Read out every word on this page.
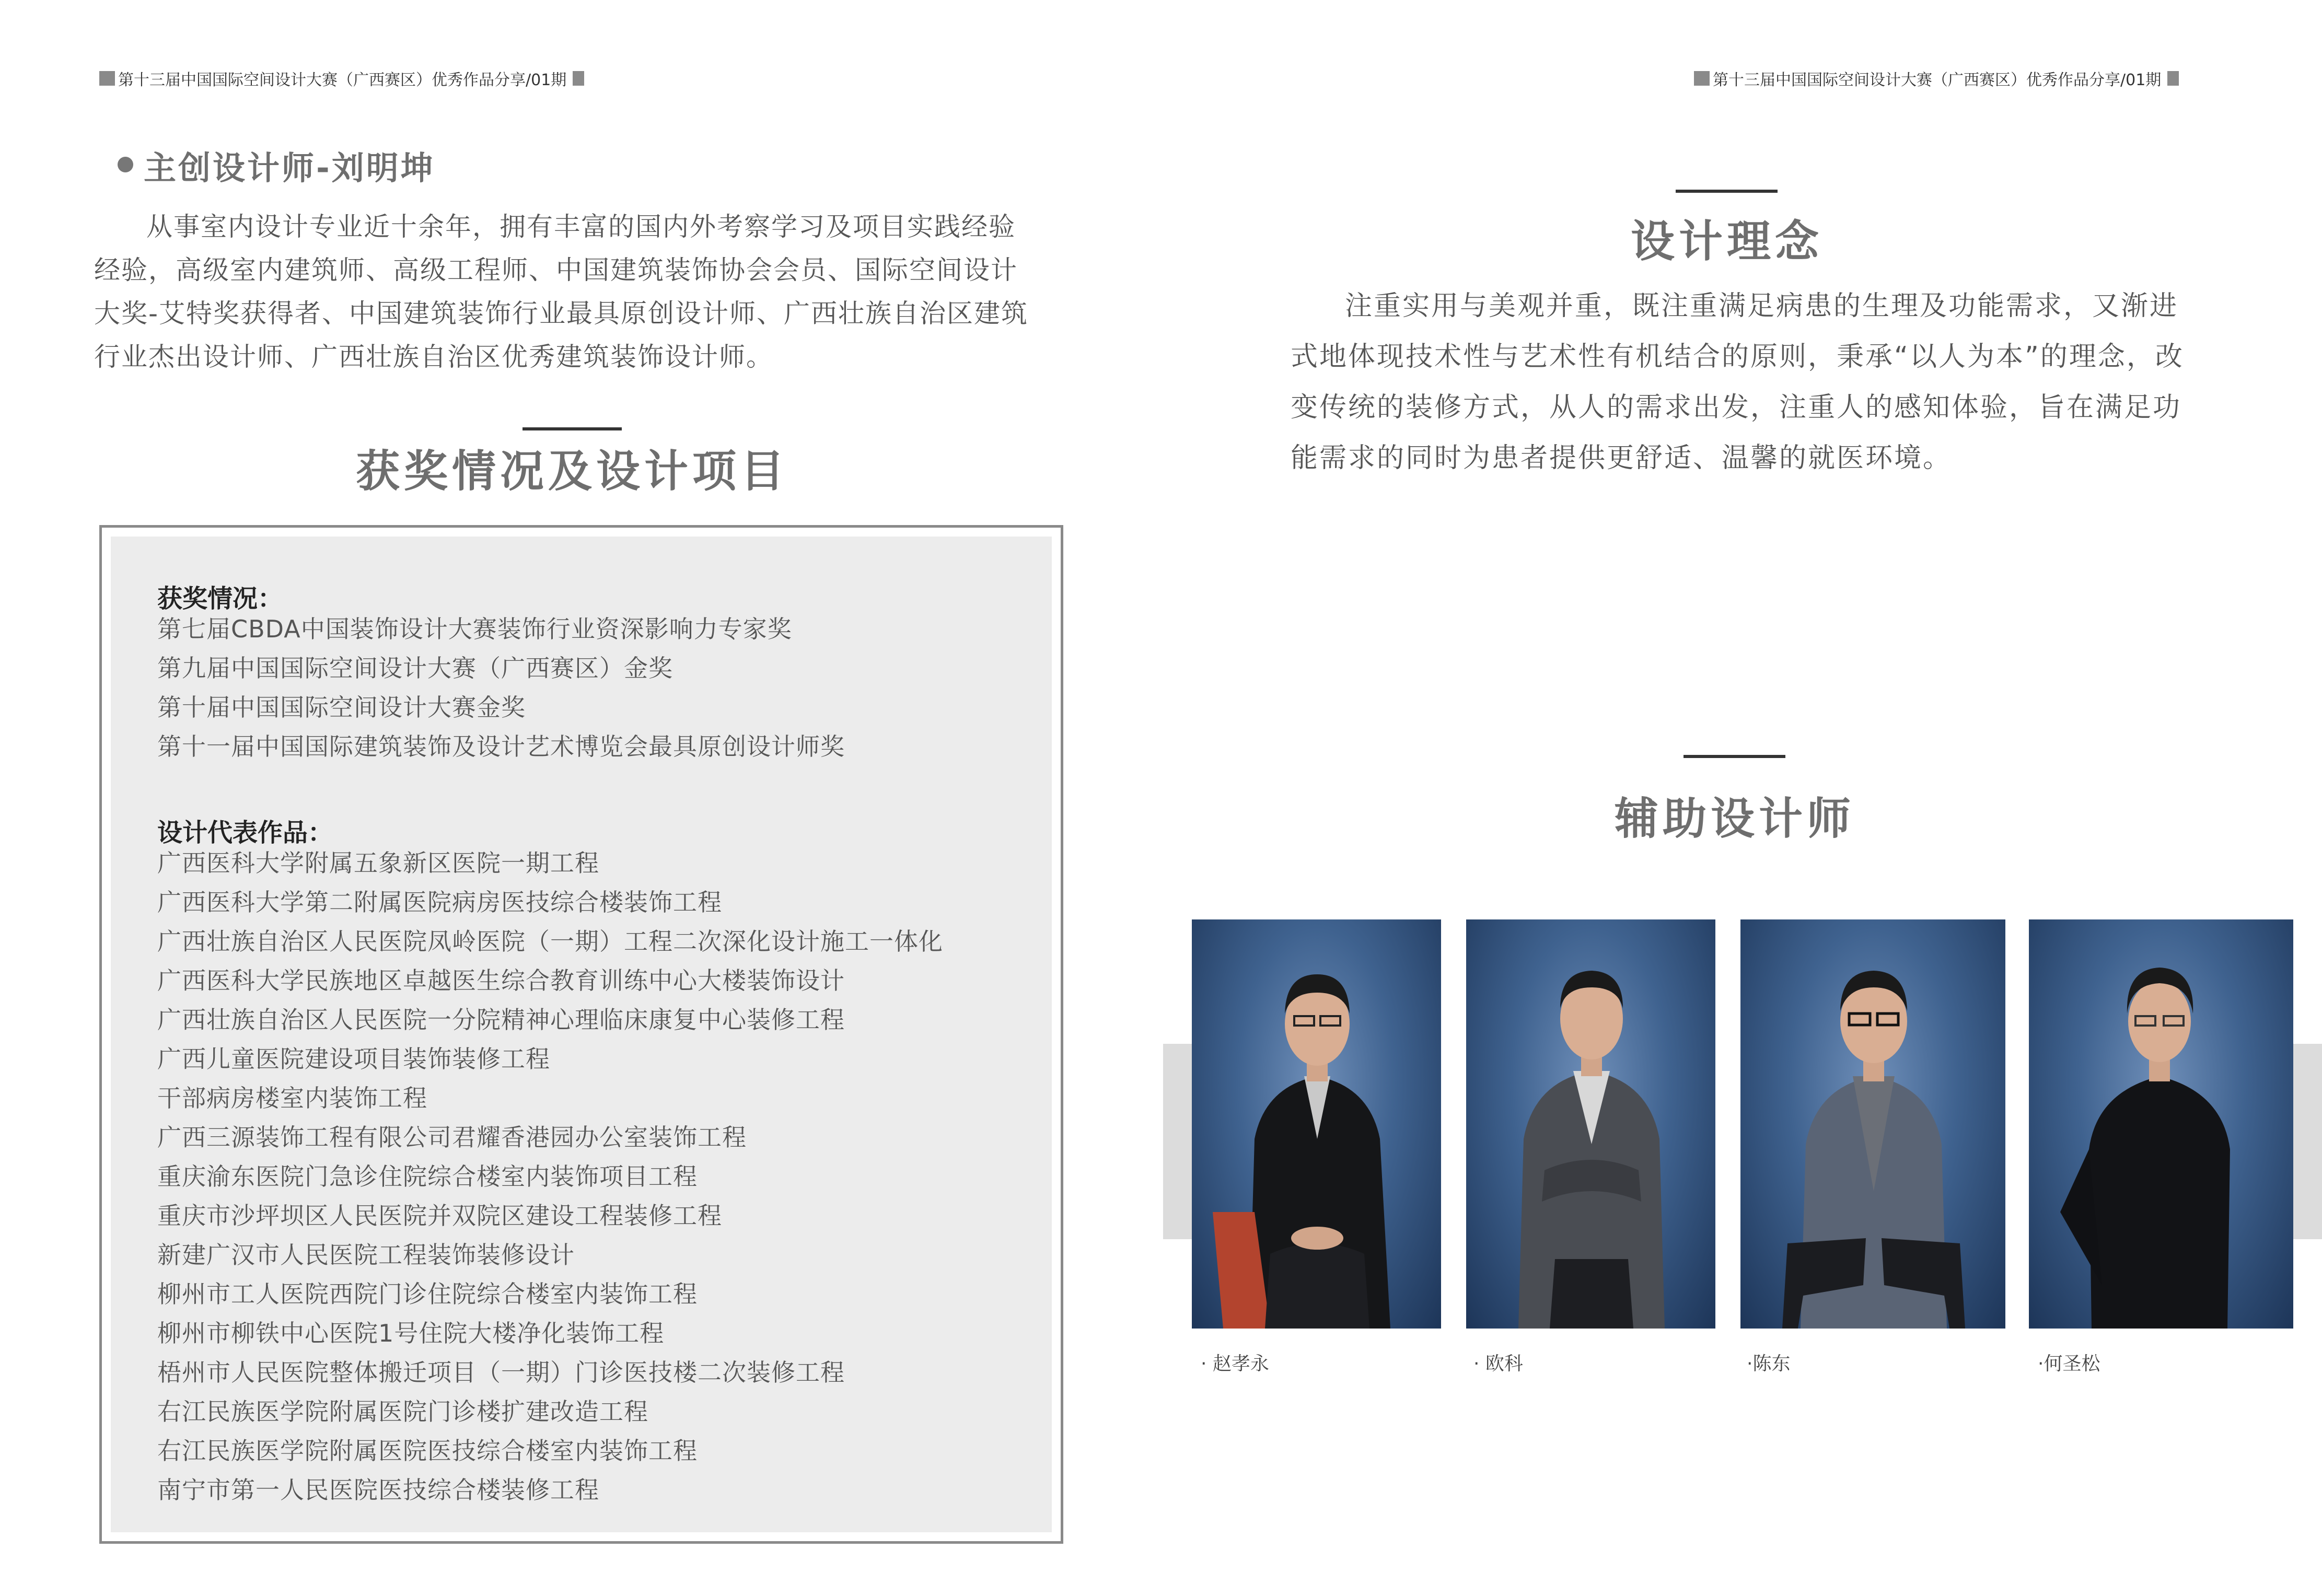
第十三届中国国际空间设计大赛（广西赛区）优秀作品分享/01期
主创设计师-刘明坤
从事室内设计专业近十余年，拥有丰富的国内外考察学习及项目实践经验经验，高级室内建筑师、高级工程师、中国建筑装饰协会会员、国际空间设计大奖-艾特奖获得者、中国建筑装饰行业最具原创设计师、广西壮族自治区建筑行业杰出设计师、广西壮族自治区优秀建筑装饰设计师。
获奖情况及设计项目
获奖情况：
第七届CBDA中国装饰设计大赛装饰行业资深影响力专家奖
第九届中国国际空间设计大赛（广西赛区）金奖
第十届中国国际空间设计大赛金奖
第十一届中国国际建筑装饰及设计艺术博览会最具原创设计师奖
设计代表作品：
广西医科大学附属五象新区医院一期工程
广西医科大学第二附属医院病房医技综合楼装饰工程
广西壮族自治区人民医院凤岭医院（一期）工程二次深化设计施工一体化
广西医科大学民族地区卓越医生综合教育训练中心大楼装饰设计
广西壮族自治区人民医院一分院精神心理临床康复中心装修工程
广西儿童医院建设项目装饰装修工程
干部病房楼室内装饰工程
广西三源装饰工程有限公司君耀香港园办公室装饰工程
重庆渝东医院门急诊住院综合楼室内装饰项目工程
重庆市沙坪坝区人民医院并双院区建设工程装修工程
新建广汉市人民医院工程装饰装修设计
柳州市工人医院西院门诊住院综合楼室内装饰工程
柳州市柳铁中心医院1号住院大楼净化装饰工程
梧州市人民医院整体搬迁项目（一期）门诊医技楼二次装修工程
右江民族医学院附属医院门诊楼扩建改造工程
右江民族医学院附属医院医技综合楼室内装饰工程
南宁市第一人民医院医技综合楼装修工程
第十三届中国国际空间设计大赛（广西赛区）优秀作品分享/01期
设计理念
注重实用与美观并重，既注重满足病患的生理及功能需求，又渐进式地体现技术性与艺术性有机结合的原则，秉承“以人为本”的理念，改变传统的装修方式，从人的需求出发，注重人的感知体验，旨在满足功能需求的同时为患者提供更舒适、温馨的就医环境。
辅助设计师
· 赵孝永	· 欧科	·陈东	·何圣松
